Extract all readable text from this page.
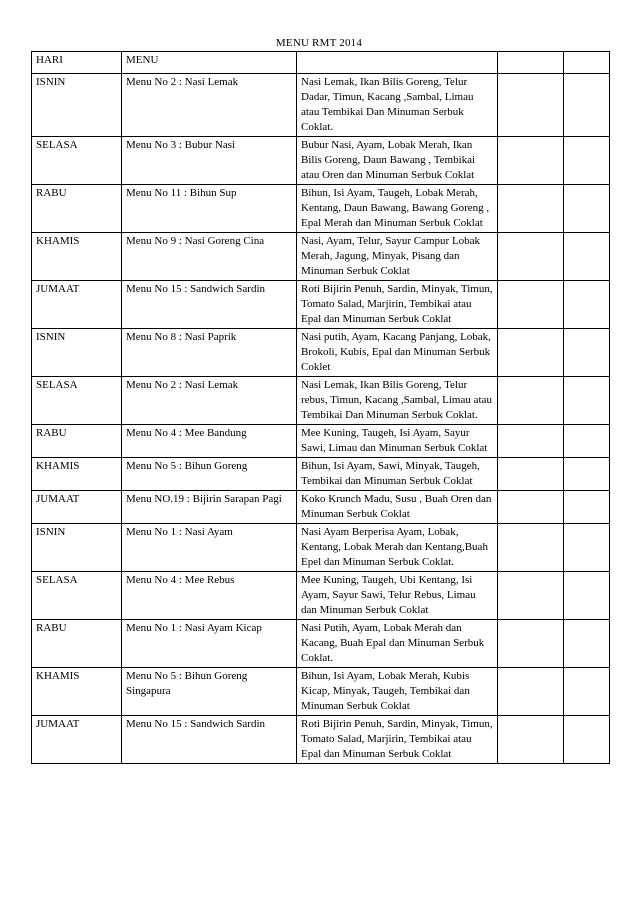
MENU RMT 2014
HARI	MENU			
ISNIN	Menu No 2 : Nasi Lemak	Nasi Lemak, Ikan Bilis Goreng, Telur Dadar, Timun, Kacang ,Sambal, Limau atau Tembikai Dan Minuman Serbuk Coklat.		
SELASA	Menu No 3 : Bubur Nasi	Bubur Nasi, Ayam, Lobak Merah, Ikan Bilis Goreng, Daun Bawang , Tembikai atau Oren dan Minuman Serbuk Coklat		
RABU	Menu No 11 : Bihun Sup	Bihun, Isi Ayam, Taugeh, Lobak Merah, Kentang, Daun Bawang, Bawang Goreng , Epal Merah dan Minuman Serbuk Coklat		
KHAMIS	Menu No 9 : Nasi Goreng Cina	Nasi, Ayam, Telur, Sayur Campur Lobak Merah, Jagung, Minyak, Pisang dan Minuman Serbuk Coklat		
JUMAAT	Menu No 15 : Sandwich Sardin	Roti Bijirin Penuh, Sardin, Minyak, Timun, Tomato Salad, Marjirin, Tembikai atau Epal dan Minuman Serbuk Coklat		
ISNIN	Menu No 8 : Nasi Paprik	Nasi putih, Ayam, Kacang Panjang, Lobak, Brokoli, Kubis, Epal dan Minuman Serbuk Coklet		
SELASA	Menu No 2 : Nasi Lemak	Nasi Lemak, Ikan Bilis Goreng, Telur rebus, Timun, Kacang ,Sambal, Limau atau Tembikai Dan Minuman Serbuk Coklat.		
RABU	Menu No 4 : Mee Bandung	Mee Kuning, Taugeh, Isi Ayam, Sayur Sawi, Limau dan Minuman Serbuk Coklat		
KHAMIS	Menu No 5 : Bihun Goreng	Bihun, Isi Ayam, Sawi, Minyak, Taugeh, Tembikai dan Minuman Serbuk Coklat		
JUMAAT	Menu NO.19 : Bijirin Sarapan Pagi	Koko Krunch Madu, Susu , Buah Oren dan Minuman Serbuk Coklat		
ISNIN	Menu No 1 : Nasi Ayam	Nasi Ayam Berperisa Ayam, Lobak, Kentang, Lobak Merah dan Kentang,Buah Epel dan Minuman Serbuk Coklat.		
SELASA	Menu No 4 : Mee Rebus	Mee Kuning, Taugeh, Ubi Kentang, Isi Ayam, Sayur Sawi, Telur Rebus, Limau dan Minuman Serbuk Coklat		
RABU	Menu No 1 : Nasi Ayam Kicap	Nasi Putih, Ayam, Lobak Merah dan Kacang, Buah Epal dan Minuman Serbuk Coklat.		
KHAMIS	Menu No 5 : Bihun Goreng Singapura	Bihun, Isi Ayam, Lobak Merah, Kubis Kicap, Minyak, Taugeh, Tembikai dan Minuman Serbuk Coklat		
JUMAAT	Menu No 15 : Sandwich Sardin	Roti Bijirin Penuh, Sardin, Minyak, Timun, Tomato Salad, Marjirin, Tembikai atau Epal dan Minuman Serbuk Coklat		
